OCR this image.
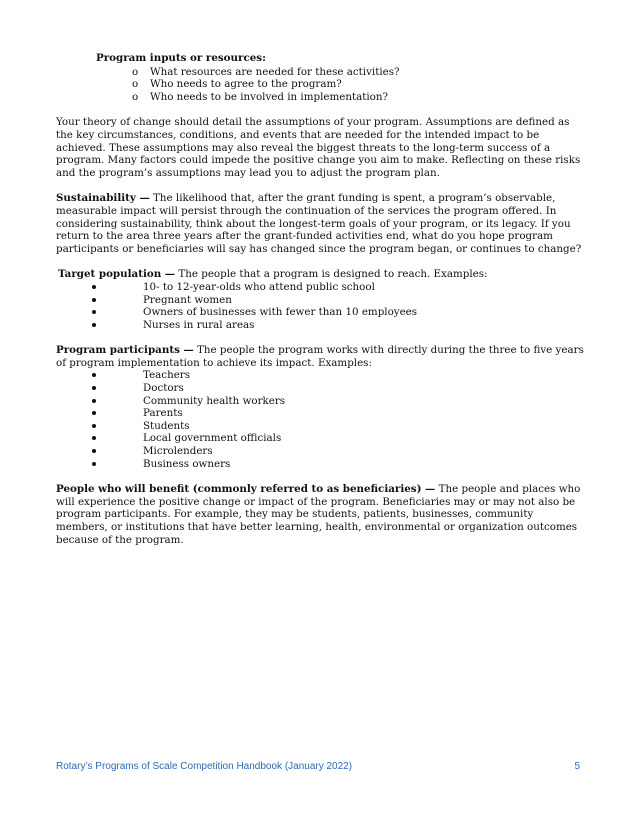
Program inputs or resources:

o What resources are needed for these activities?
o Who needs to agree to the program?
o Who needs to be involved in implementation?

Your theory of change should detail the assumptions of your program. Assumptions are defined as the key circumstances, conditions, and events that are needed for the intended impact to be achieved. These assumptions may also reveal the biggest threats to the long-term success of a program. Many factors could impede the positive change you aim to make. Reflecting on these risks and the program’s assumptions may lead you to adjust the program plan.

Sustainability — The likelihood that, after the grant funding is spent, a program’s observable, measurable impact will persist through the continuation of the services the program offered. In considering sustainability, think about the longest-term goals of your program, or its legacy. If you return to the area three years after the grant-funded activities end, what do you hope program participants or beneficiaries will say has changed since the program began, or continues to change?

Target population — The people that a program is designed to reach. Examples:

10- to 12-year-olds who attend public school
Pregnant women
Owners of businesses with fewer than 10 employees
Nurses in rural areas

Program participants — The people the program works with directly during the three to five years of program implementation to achieve its impact. Examples:

Teachers
Doctors
Community health workers
Parents
Students
Local government officials
Microlenders
Business owners

People who will benefit (commonly referred to as beneficiaries) — The people and places who will experience the positive change or impact of the program. Beneficiaries may or may not also be program participants. For example, they may be students, patients, businesses, community members, or institutions that have better learning, health, environmental or organization outcomes because of the program.

Rotary’s Programs of Scale Competition Handbook (January 2022)	5
